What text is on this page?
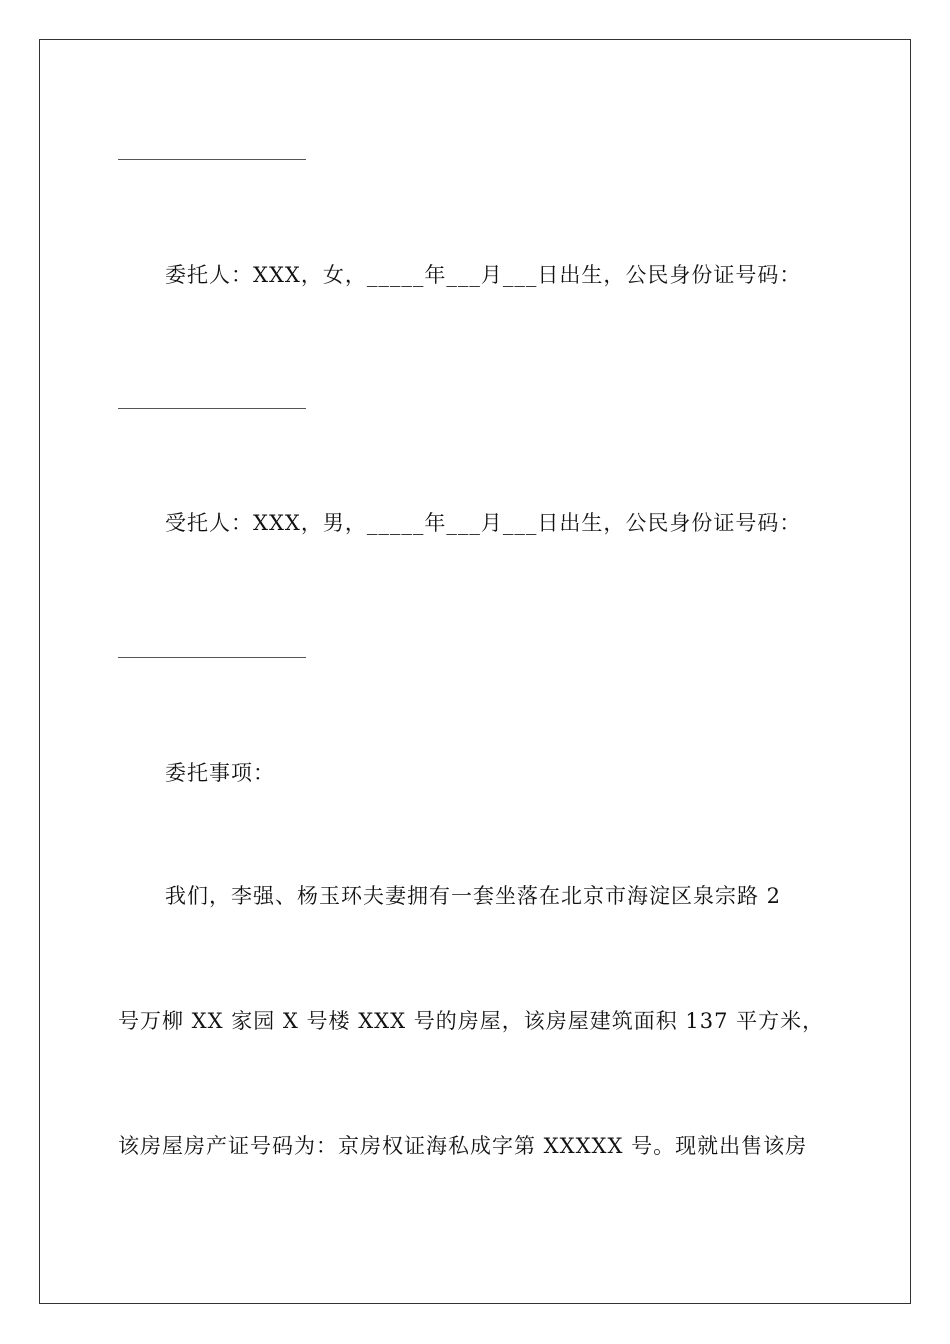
委托人：XXX，女，_____年___月___日出生，公民身份证号码：
受托人：XXX，男，_____年___月___日出生，公民身份证号码：
委托事项：
我们，李强、杨玉环夫妻拥有一套坐落在北京市海淀区泉宗路 2
号万柳 XX 家园 X 号楼 XXX 号的房屋，该房屋建筑面积 137 平方米，
该房屋房产证号码为：京房权证海私成字第 XXXXX 号。现就出售该房
